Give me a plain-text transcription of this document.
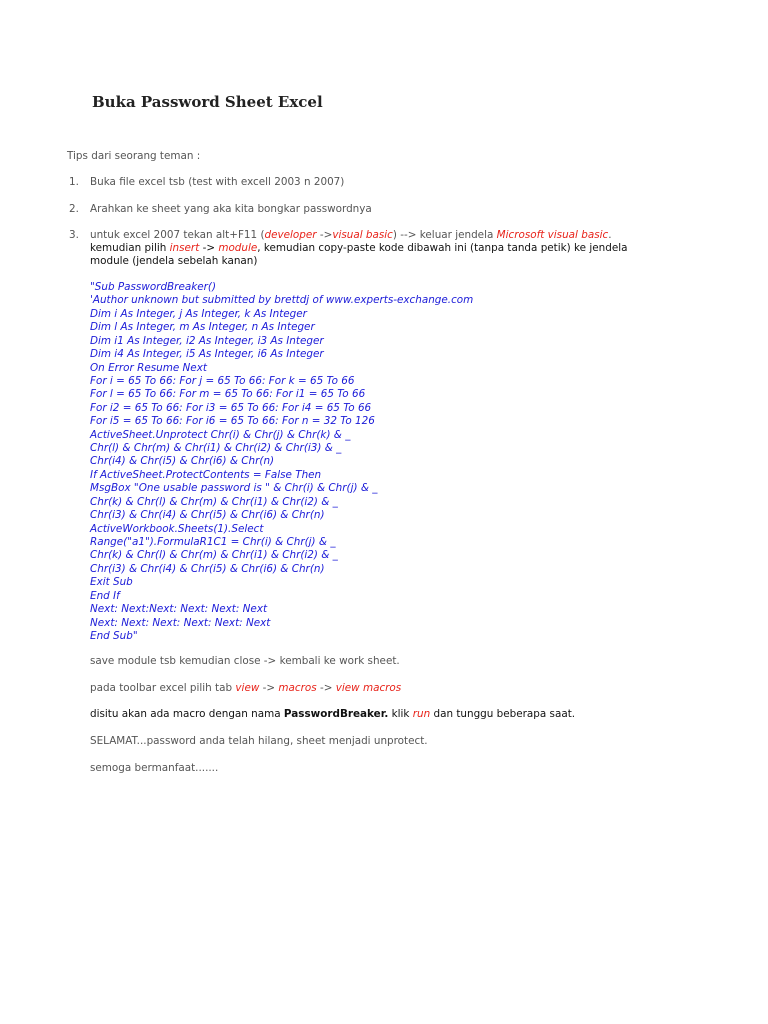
Buka Password Sheet Excel
Tips dari seorang teman :
1. Buka file excel tsb (test with excell 2003 n 2007)
2. Arahkan ke sheet yang aka kita bongkar passwordnya
3. untuk excel 2007 tekan alt+F11 (developer ->visual basic) --> keluar jendela Microsoft visual basic.
kemudian pilih insert -> module, kemudian copy-paste kode dibawah ini (tanpa tanda petik) ke jendela
module (jendela sebelah kanan)
"Sub PasswordBreaker()
'Author unknown but submitted by brettdj of www.experts-exchange.com
Dim i As Integer, j As Integer, k As Integer
Dim l As Integer, m As Integer, n As Integer
Dim i1 As Integer, i2 As Integer, i3 As Integer
Dim i4 As Integer, i5 As Integer, i6 As Integer
On Error Resume Next
For i = 65 To 66: For j = 65 To 66: For k = 65 To 66
For l = 65 To 66: For m = 65 To 66: For i1 = 65 To 66
For i2 = 65 To 66: For i3 = 65 To 66: For i4 = 65 To 66
For i5 = 65 To 66: For i6 = 65 To 66: For n = 32 To 126
ActiveSheet.Unprotect Chr(i) & Chr(j) & Chr(k) & _
Chr(l) & Chr(m) & Chr(i1) & Chr(i2) & Chr(i3) & _
Chr(i4) & Chr(i5) & Chr(i6) & Chr(n)
If ActiveSheet.ProtectContents = False Then
MsgBox "One usable password is " & Chr(i) & Chr(j) & _
Chr(k) & Chr(l) & Chr(m) & Chr(i1) & Chr(i2) & _
Chr(i3) & Chr(i4) & Chr(i5) & Chr(i6) & Chr(n)
ActiveWorkbook.Sheets(1).Select
Range("a1").FormulaR1C1 = Chr(i) & Chr(j) & _
Chr(k) & Chr(l) & Chr(m) & Chr(i1) & Chr(i2) & _
Chr(i3) & Chr(i4) & Chr(i5) & Chr(i6) & Chr(n)
Exit Sub
End If
Next: Next:Next: Next: Next: Next
Next: Next: Next: Next: Next: Next
End Sub"
save module tsb kemudian close -> kembali ke work sheet.
pada toolbar excel pilih tab view -> macros -> view macros
disitu akan ada macro dengan nama PasswordBreaker. klik run dan tunggu beberapa saat.
SELAMAT...password anda telah hilang, sheet menjadi unprotect.
semoga bermanfaat.......
